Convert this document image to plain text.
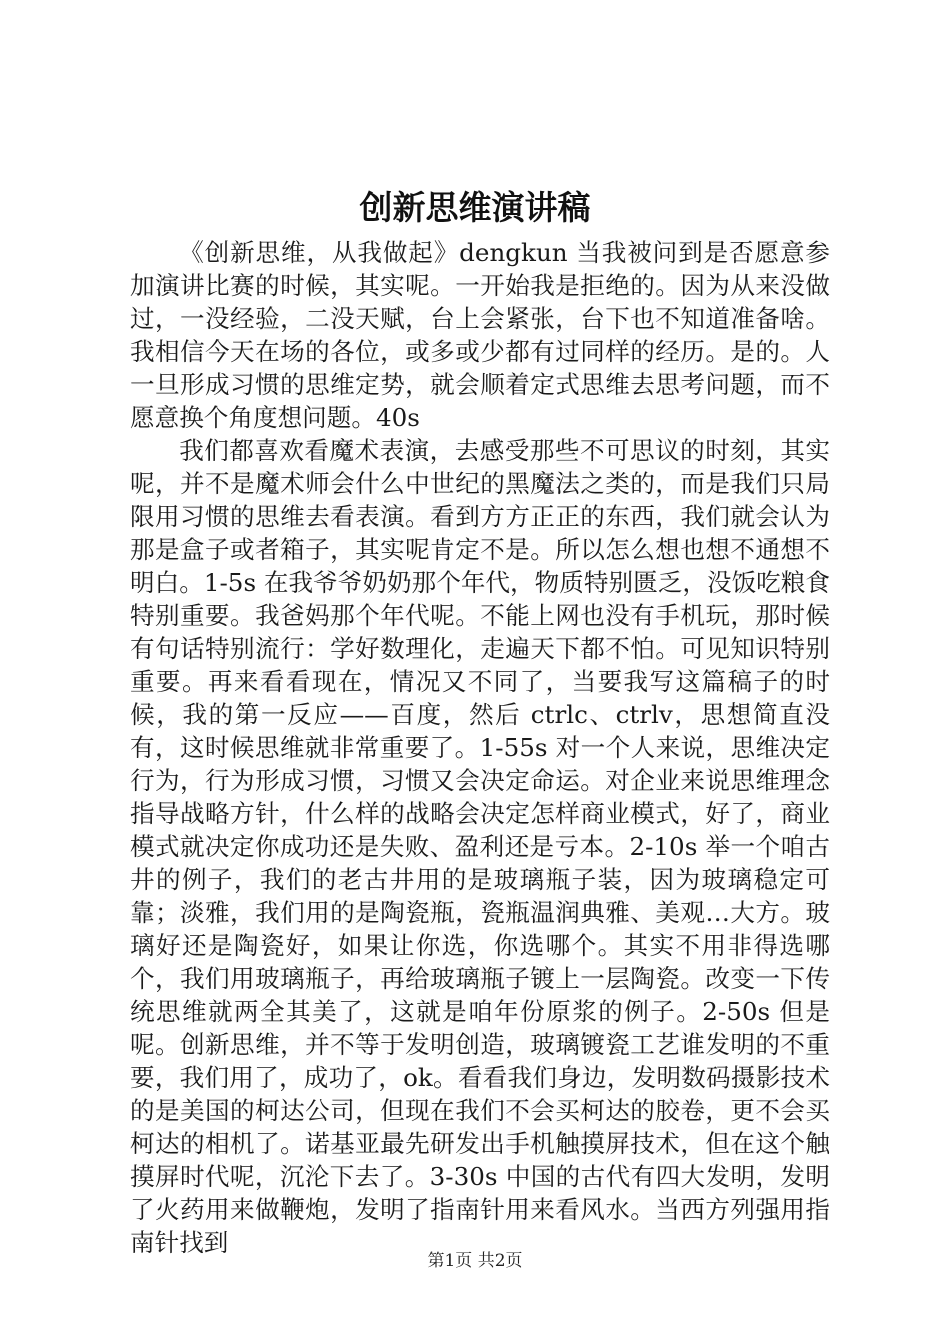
创新思维演讲稿

《创新思维，从我做起》dengkun 当我被问到是否愿意参加演讲比赛的时候，其实呢。一开始我是拒绝的。因为从来没做过，一没经验，二没天赋，台上会紧张，台下也不知道准备啥。我相信今天在场的各位，或多或少都有过同样的经历。是的。人一旦形成习惯的思维定势，就会顺着定式思维去思考问题，而不愿意换个角度想问题。40s

我们都喜欢看魔术表演，去感受那些不可思议的时刻，其实呢，并不是魔术师会什么中世纪的黑魔法之类的，而是我们只局限用习惯的思维去看表演。看到方方正正的东西，我们就会认为那是盒子或者箱子，其实呢肯定不是。所以怎么想也想不通想不明白。1-5s 在我爷爷奶奶那个年代，物质特别匮乏，没饭吃粮食特别重要。我爸妈那个年代呢。不能上网也没有手机玩，那时候有句话特别流行：学好数理化，走遍天下都不怕。可见知识特别重要。再来看看现在，情况又不同了，当要我写这篇稿子的时候，我的第一反应——百度，然后 ctrlc、ctrlv，思想简直没有，这时候思维就非常重要了。1-55s 对一个人来说，思维决定行为，行为形成习惯，习惯又会决定命运。对企业来说思维理念指导战略方针，什么样的战略会决定怎样商业模式，好了，商业模式就决定你成功还是失败、盈利还是亏本。2-10s 举一个咱古井的例子，我们的老古井用的是玻璃瓶子装，因为玻璃稳定可靠；淡雅，我们用的是陶瓷瓶，瓷瓶温润典雅、美观…大方。玻璃好还是陶瓷好，如果让你选，你选哪个。其实不用非得选哪个，我们用玻璃瓶子，再给玻璃瓶子镀上一层陶瓷。改变一下传统思维就两全其美了，这就是咱年份原浆的例子。2-50s 但是呢。创新思维，并不等于发明创造，玻璃镀瓷工艺谁发明的不重要，我们用了，成功了，ok。看看我们身边，发明数码摄影技术的是美国的柯达公司，但现在我们不会买柯达的胶卷，更不会买柯达的相机了。诺基亚最先研发出手机触摸屏技术，但在这个触摸屏时代呢，沉沦下去了。3-30s 中国的古代有四大发明，发明了火药用来做鞭炮，发明了指南针用来看风水。当西方列强用指南针找到

第1页 共2页
